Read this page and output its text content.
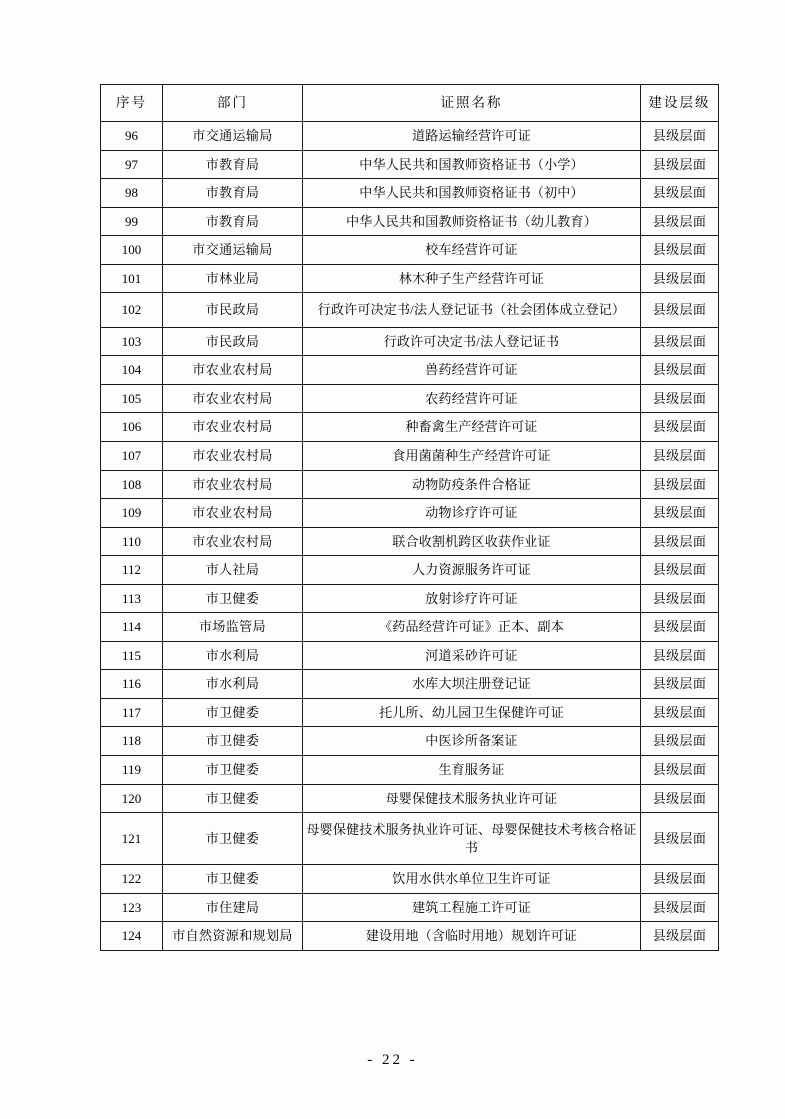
序号	部门	证照名称	建设层级
96	市交通运输局	道路运输经营许可证	县级层面
97	市教育局	中华人民共和国教师资格证书（小学）	县级层面
98	市教育局	中华人民共和国教师资格证书（初中）	县级层面
99	市教育局	中华人民共和国教师资格证书（幼儿教育）	县级层面
100	市交通运输局	校车经营许可证	县级层面
101	市林业局	林木种子生产经营许可证	县级层面
102	市民政局	行政许可决定书/法人登记证书（社会团体成立登记）	县级层面
103	市民政局	行政许可决定书/法人登记证书	县级层面
104	市农业农村局	兽药经营许可证	县级层面
105	市农业农村局	农药经营许可证	县级层面
106	市农业农村局	种畜禽生产经营许可证	县级层面
107	市农业农村局	食用菌菌种生产经营许可证	县级层面
108	市农业农村局	动物防疫条件合格证	县级层面
109	市农业农村局	动物诊疗许可证	县级层面
110	市农业农村局	联合收割机跨区收获作业证	县级层面
112	市人社局	人力资源服务许可证	县级层面
113	市卫健委	放射诊疗许可证	县级层面
114	市场监管局	《药品经营许可证》正本、副本	县级层面
115	市水利局	河道采砂许可证	县级层面
116	市水利局	水库大坝注册登记证	县级层面
117	市卫健委	托儿所、幼儿园卫生保健许可证	县级层面
118	市卫健委	中医诊所备案证	县级层面
119	市卫健委	生育服务证	县级层面
120	市卫健委	母婴保健技术服务执业许可证	县级层面
121	市卫健委	母婴保健技术服务执业许可证、母婴保健技术考核合格证书	县级层面
122	市卫健委	饮用水供水单位卫生许可证	县级层面
123	市住建局	建筑工程施工许可证	县级层面
124	市自然资源和规划局	建设用地（含临时用地）规划许可证	县级层面
- 22 -
